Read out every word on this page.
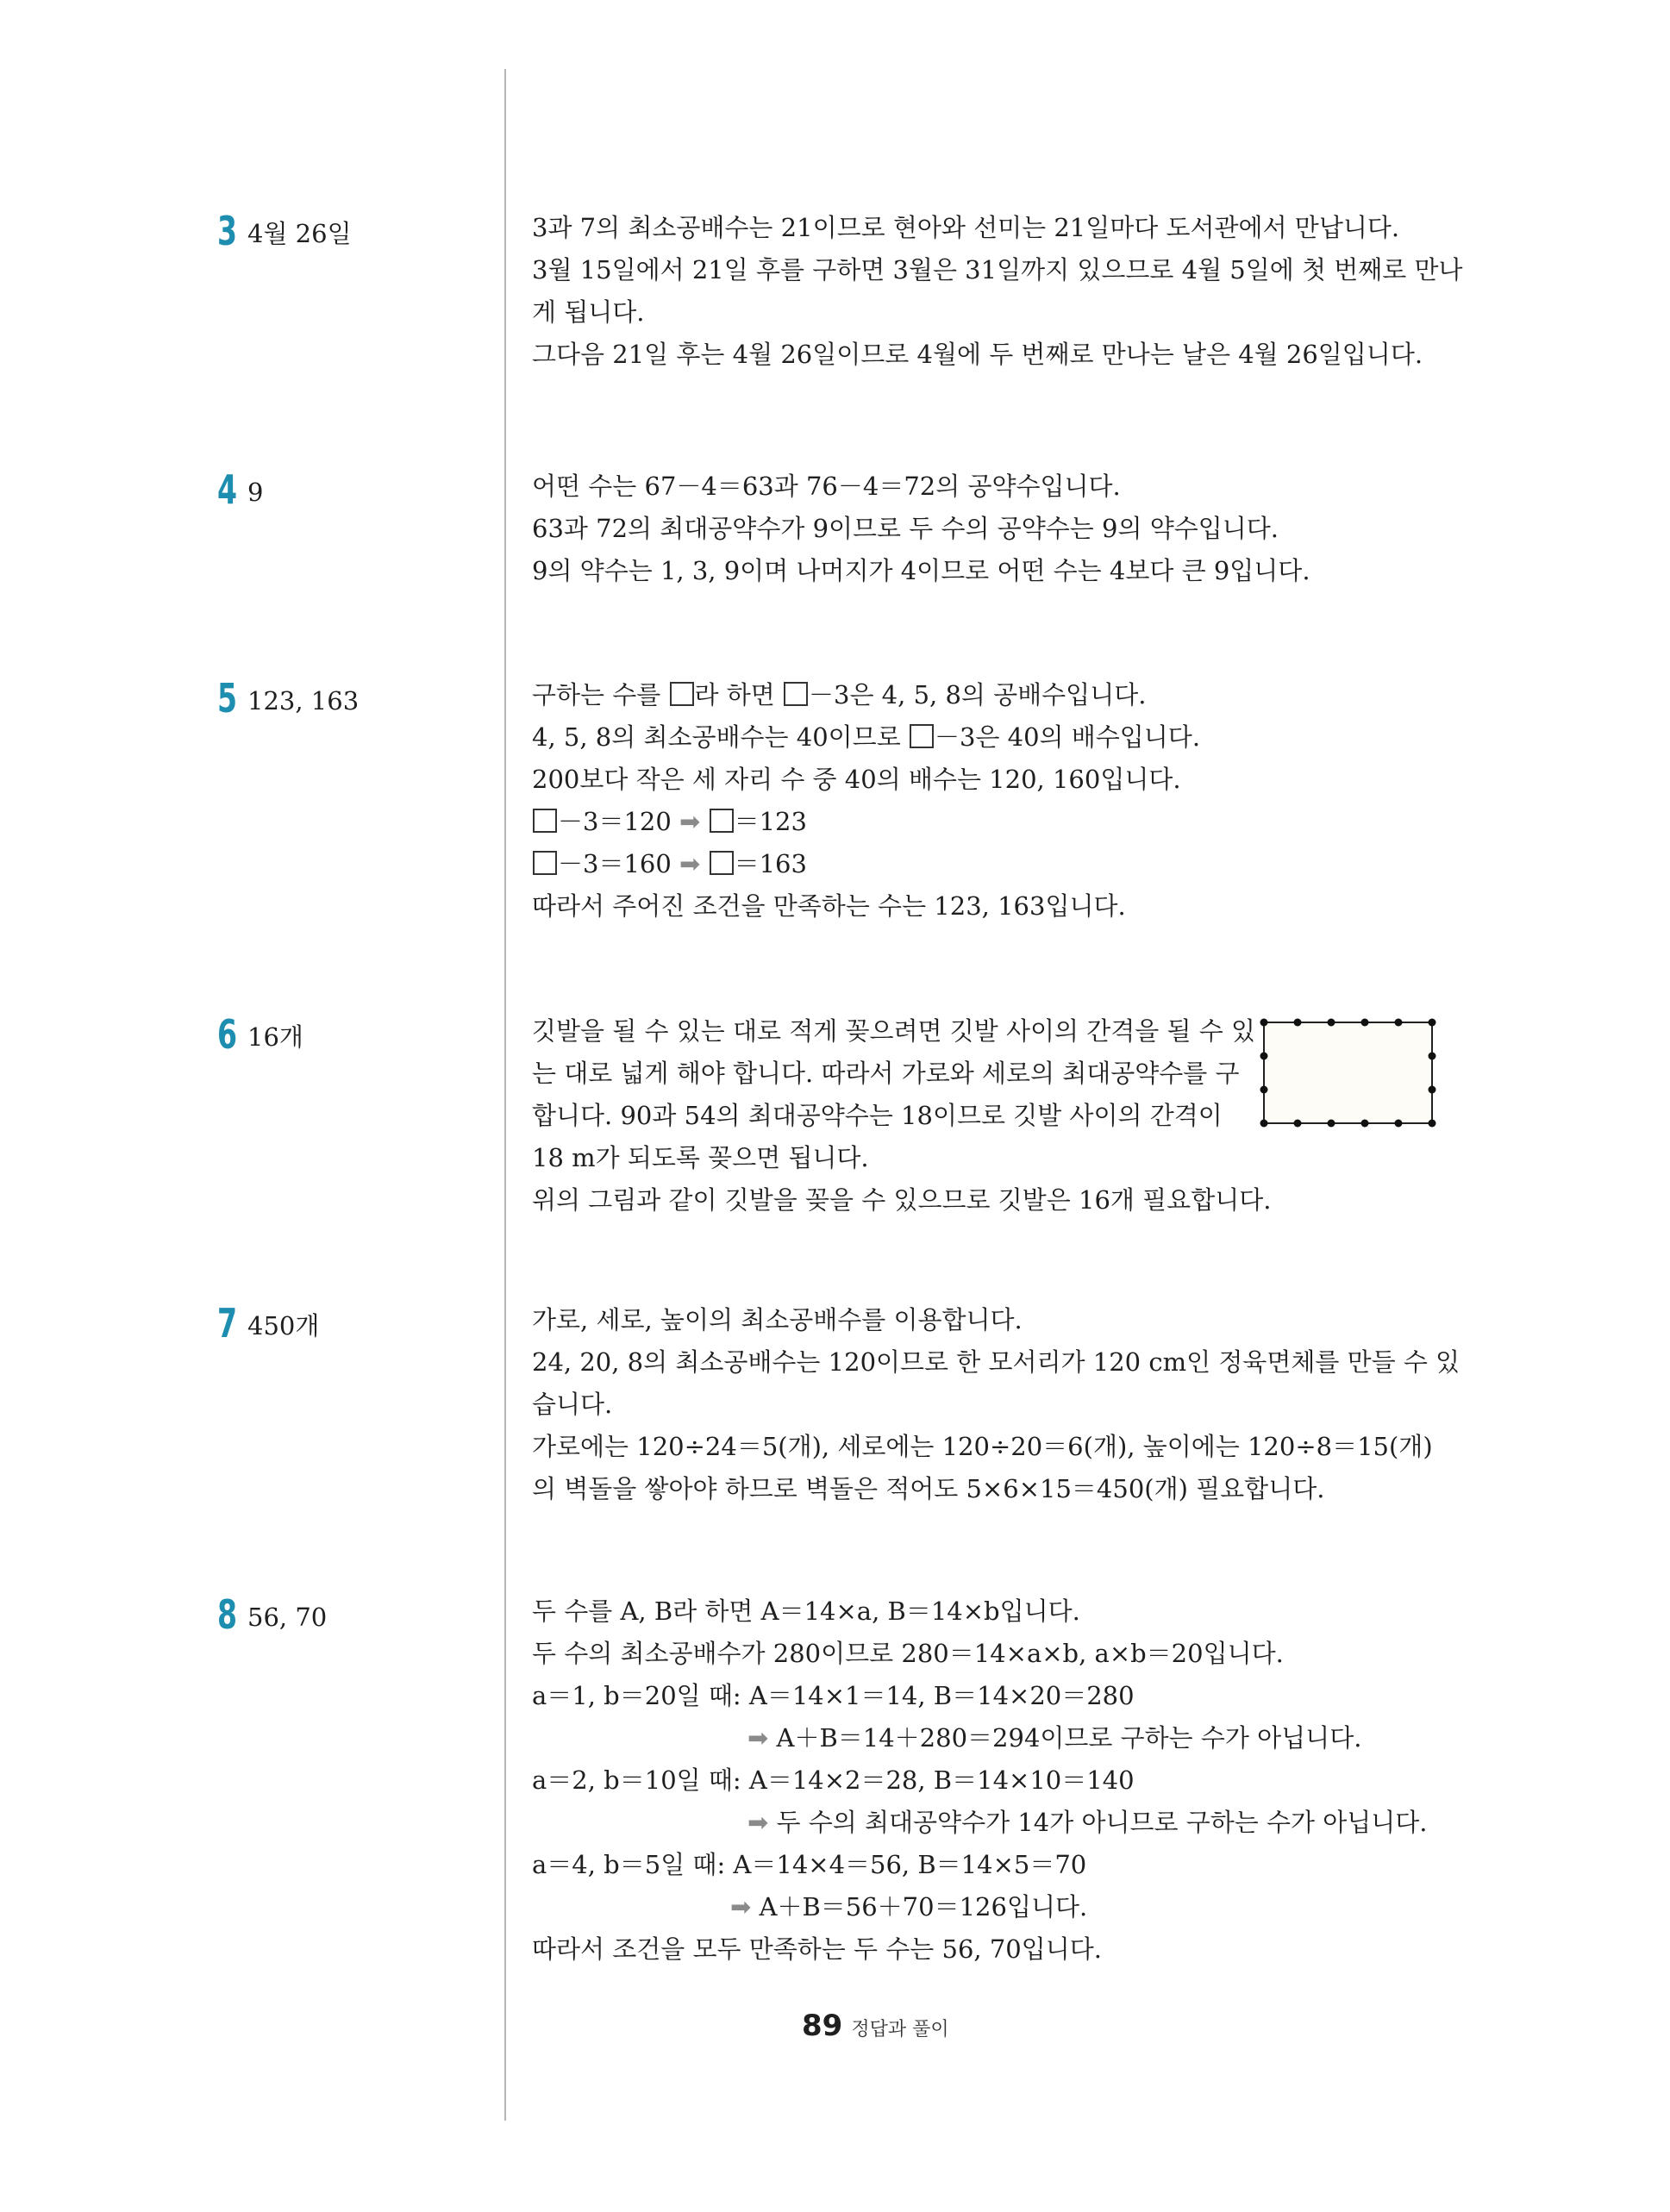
3 4월 26일	3과 7의 최소공배수는 21이므로 현아와 선미는 21일마다 도서관에서 만납니다.
3월 15일에서 21일 후를 구하면 3월은 31일까지 있으므로 4월 5일에 첫 번째로 만나
게 됩니다.
그다음 21일 후는 4월 26일이므로 4월에 두 번째로 만나는 날은 4월 26일입니다.
4 9	어떤 수는 67－4＝63과 76－4＝72의 공약수입니다.
63과 72의 최대공약수가 9이므로 두 수의 공약수는 9의 약수입니다.
9의 약수는 1, 3, 9이며 나머지가 4이므로 어떤 수는 4보다 큰 9입니다.
5 123, 163	구하는 수를 라 하면 －3은 4, 5, 8의 공배수입니다.
4, 5, 8의 최소공배수는 40이므로 －3은 40의 배수입니다.
200보다 작은 세 자리 수 중 40의 배수는 120, 160입니다.
－3＝120 ➡ ＝123
－3＝160 ➡ ＝163
따라서 주어진 조건을 만족하는 수는 123, 163입니다.
6 16개	깃발을 될 수 있는 대로 적게 꽂으려면 깃발 사이의 간격을 될 수 있
는 대로 넓게 해야 합니다. 따라서 가로와 세로의 최대공약수를 구
합니다. 90과 54의 최대공약수는 18이므로 깃발 사이의 간격이
18 m가 되도록 꽂으면 됩니다.
위의 그림과 같이 깃발을 꽂을 수 있으므로 깃발은 16개 필요합니다.
7 450개	가로, 세로, 높이의 최소공배수를 이용합니다.
24, 20, 8의 최소공배수는 120이므로 한 모서리가 120 cm인 정육면체를 만들 수 있
습니다.
가로에는 120÷24＝5(개), 세로에는 120÷20＝6(개), 높이에는 120÷8＝15(개)
의 벽돌을 쌓아야 하므로 벽돌은 적어도 5×6×15＝450(개) 필요합니다.
8 56, 70	두 수를 A, B라 하면 A＝14×a, B＝14×b입니다.
두 수의 최소공배수가 280이므로 280＝14×a×b, a×b＝20입니다.
a＝1, b＝20일 때: A＝14×1＝14, B＝14×20＝280
➡ A＋B＝14＋280＝294이므로 구하는 수가 아닙니다.
a＝2, b＝10일 때: A＝14×2＝28, B＝14×10＝140
➡ 두 수의 최대공약수가 14가 아니므로 구하는 수가 아닙니다.
a＝4, b＝5일 때: A＝14×4＝56, B＝14×5＝70
➡ A＋B＝56＋70＝126입니다.
따라서 조건을 모두 만족하는 두 수는 56, 70입니다.
89 정답과 풀이
